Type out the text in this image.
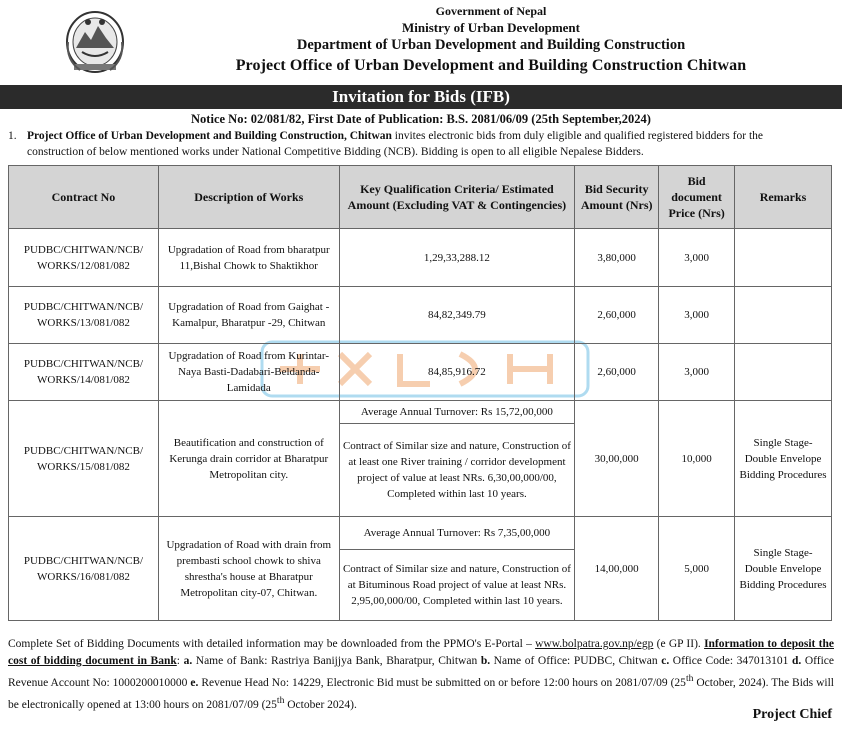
Government of Nepal
Ministry of Urban Development
Department of Urban Development and Building Construction
Project Office of Urban Development and Building Construction Chitwan
Invitation for Bids (IFB)
Notice No: 02/081/82, First Date of Publication: B.S. 2081/06/09 (25th September,2024)
1. Project Office of Urban Development and Building Construction, Chitwan invites electronic bids from duly eligible and qualified registered bidders for the
construction of below mentioned works under National Competitive Bidding (NCB). Bidding is open to all eligible Nepalese Bidders.
Contract No	Description of Works	Key Qualification Criteria/ Estimated Amount (Excluding VAT & Contingencies)	Bid Security Amount (Nrs)	Bid document Price (Nrs)	Remarks
PUDBC/CHITWAN/NCB/ WORKS/12/081/082	Upgradation of Road from bharatpur 11,Bishal Chowk to Shaktikhor	1,29,33,288.12	3,80,000	3,000	
PUDBC/CHITWAN/NCB/ WORKS/13/081/082	Upgradation of Road from Gaighat - Kamalpur, Bharatpur -29, Chitwan	84,82,349.79	2,60,000	3,000	
PUDBC/CHITWAN/NCB/ WORKS/14/081/082	Upgradation of Road from Kurintar-Naya Basti-Dadabari-Beldanda-Lamidada	84,85,916.72	2,60,000	3,000	
PUDBC/CHITWAN/NCB/ WORKS/15/081/082	Beautification and construction of Kerunga drain corridor at Bharatpur Metropolitan city.	Average Annual Turnover: Rs 15,72,00,000	30,00,000	10,000	Single Stage-Double Envelope Bidding Procedures
		Contract of Similar size and nature, Construction of at least one River training / corridor development project of value at least NRs. 6,30,00,000/00, Completed within last 10 years.			
PUDBC/CHITWAN/NCB/ WORKS/16/081/082	Upgradation of Road with drain from prembasti school chowk to shiva shrestha's house at Bharatpur Metropolitan city-07, Chitwan.	Average Annual Turnover: Rs 7,35,00,000	14,00,000	5,000	Single Stage-Double Envelope Bidding Procedures
		Contract of Similar size and nature, Construction of at Bituminous Road project of value at least NRs. 2,95,00,000/00, Completed within last 10 years.			
Complete Set of Bidding Documents with detailed information may be downloaded from the PPMO's E-Portal – www.bolpatra.gov.np/egp (e GP II). Information to deposit the cost of bidding document in Bank: a. Name of Bank: Rastriya Banijjya Bank, Bharatpur, Chitwan b. Name of Office: PUDBC, Chitwan c. Office Code: 347013101 d. Office Revenue Account No: 1000200010000 e. Revenue Head No: 14229, Electronic Bid must be submitted on or before 12:00 hours on 2081/07/09 (25th October, 2024). The Bids will be electronically opened at 13:00 hours on 2081/07/09 (25th October 2024).
Project Chief
